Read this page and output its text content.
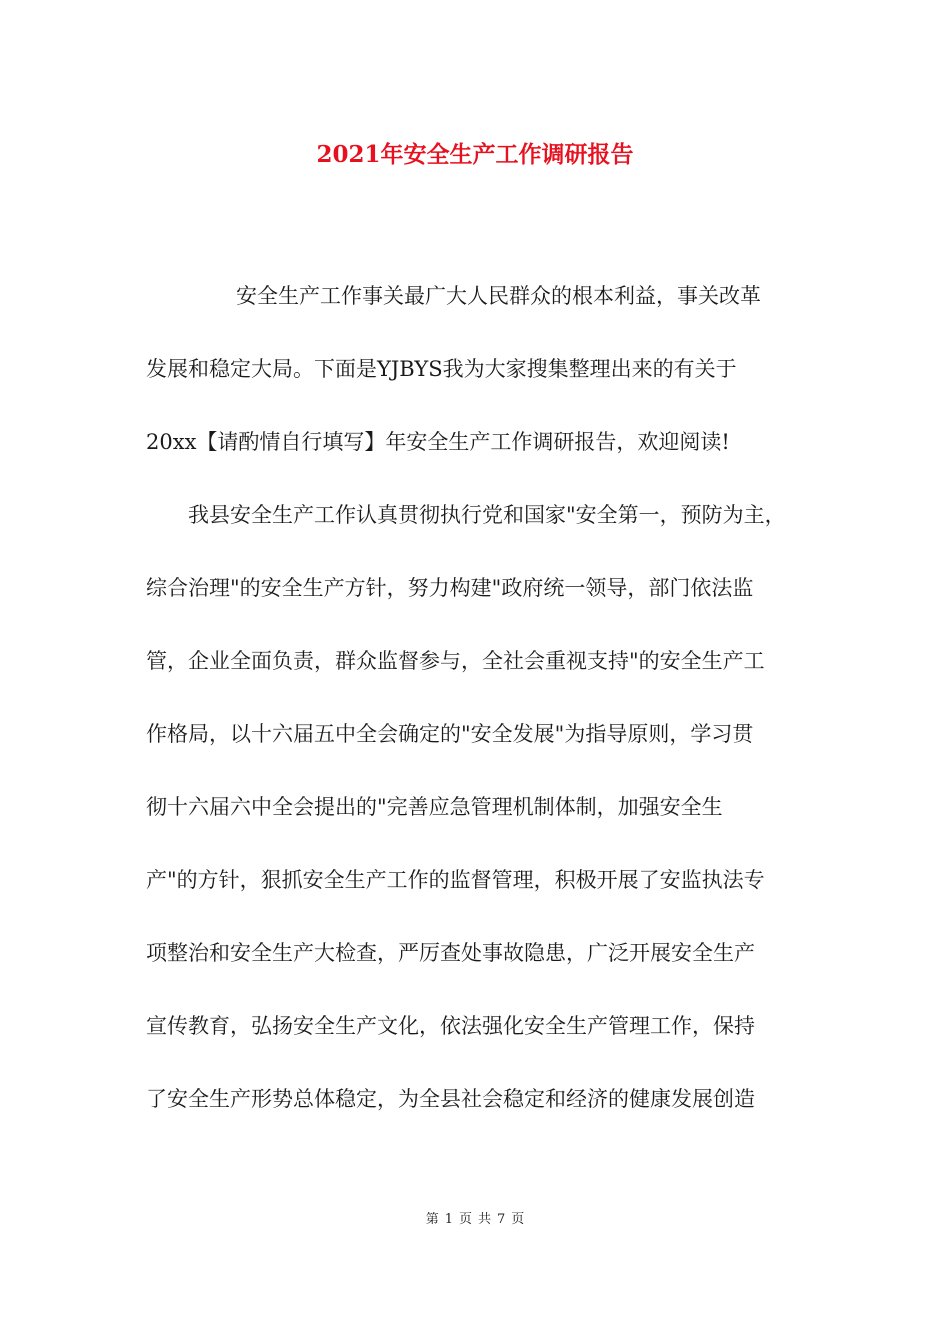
2021年安全生产工作调研报告
安全生产工作事关最广大人民群众的根本利益，事关改革
发展和稳定大局。下面是YJBYS我为大家搜集整理出来的有关于
20xx【请酌情自行填写】年安全生产工作调研报告，欢迎阅读!
我县安全生产工作认真贯彻执行党和国家"安全第一，预防为主，
综合治理"的安全生产方针，努力构建"政府统一领导，部门依法监
管，企业全面负责，群众监督参与，全社会重视支持"的安全生产工
作格局，以十六届五中全会确定的"安全发展"为指导原则，学习贯
彻十六届六中全会提出的"完善应急管理机制体制，加强安全生
产"的方针，狠抓安全生产工作的监督管理，积极开展了安监执法专
项整治和安全生产大检查，严厉查处事故隐患，广泛开展安全生产
宣传教育，弘扬安全生产文化，依法强化安全生产管理工作，保持
了安全生产形势总体稳定，为全县社会稳定和经济的健康发展创造
第 1 页 共 7 页
